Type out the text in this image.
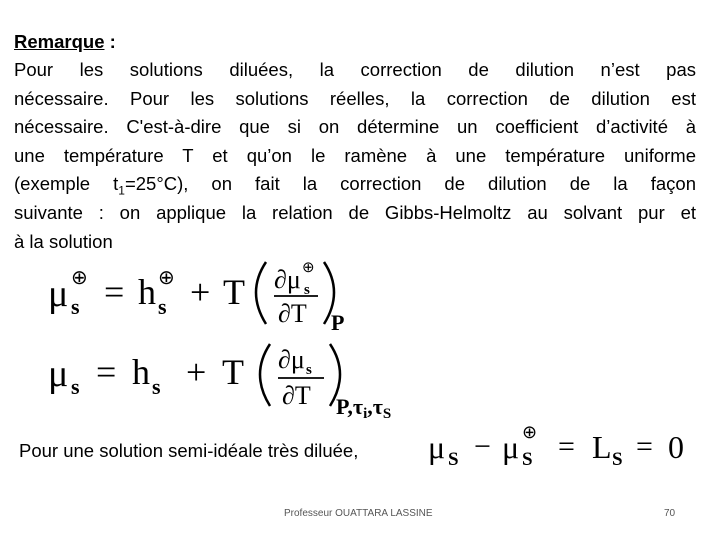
Remarque :
Pour les solutions diluées, la correction de dilution n’est pas
nécessaire. Pour les solutions réelles, la correction de dilution est
nécessaire. C'est-à-dire que si on détermine un coefficient d’activité à
une température T et qu’on le ramène à une température uniforme
(exemple $t_1=25^\circ C$), on fait la correction de dilution de la façon
suivante : on applique la relation de Gibbs-Helmoltz au solvant pur et
à la solution
μ ⊕
s = h ⊕
s + T ∂μ ⊕
s
∂T P
μ s = h s + T ∂μ s
∂T P,τi,τS
Pour une solution semi-idéale très diluée, μ S − μ ⊕
S = L S = 0
Professeur OUATTARA LASSINE	70
